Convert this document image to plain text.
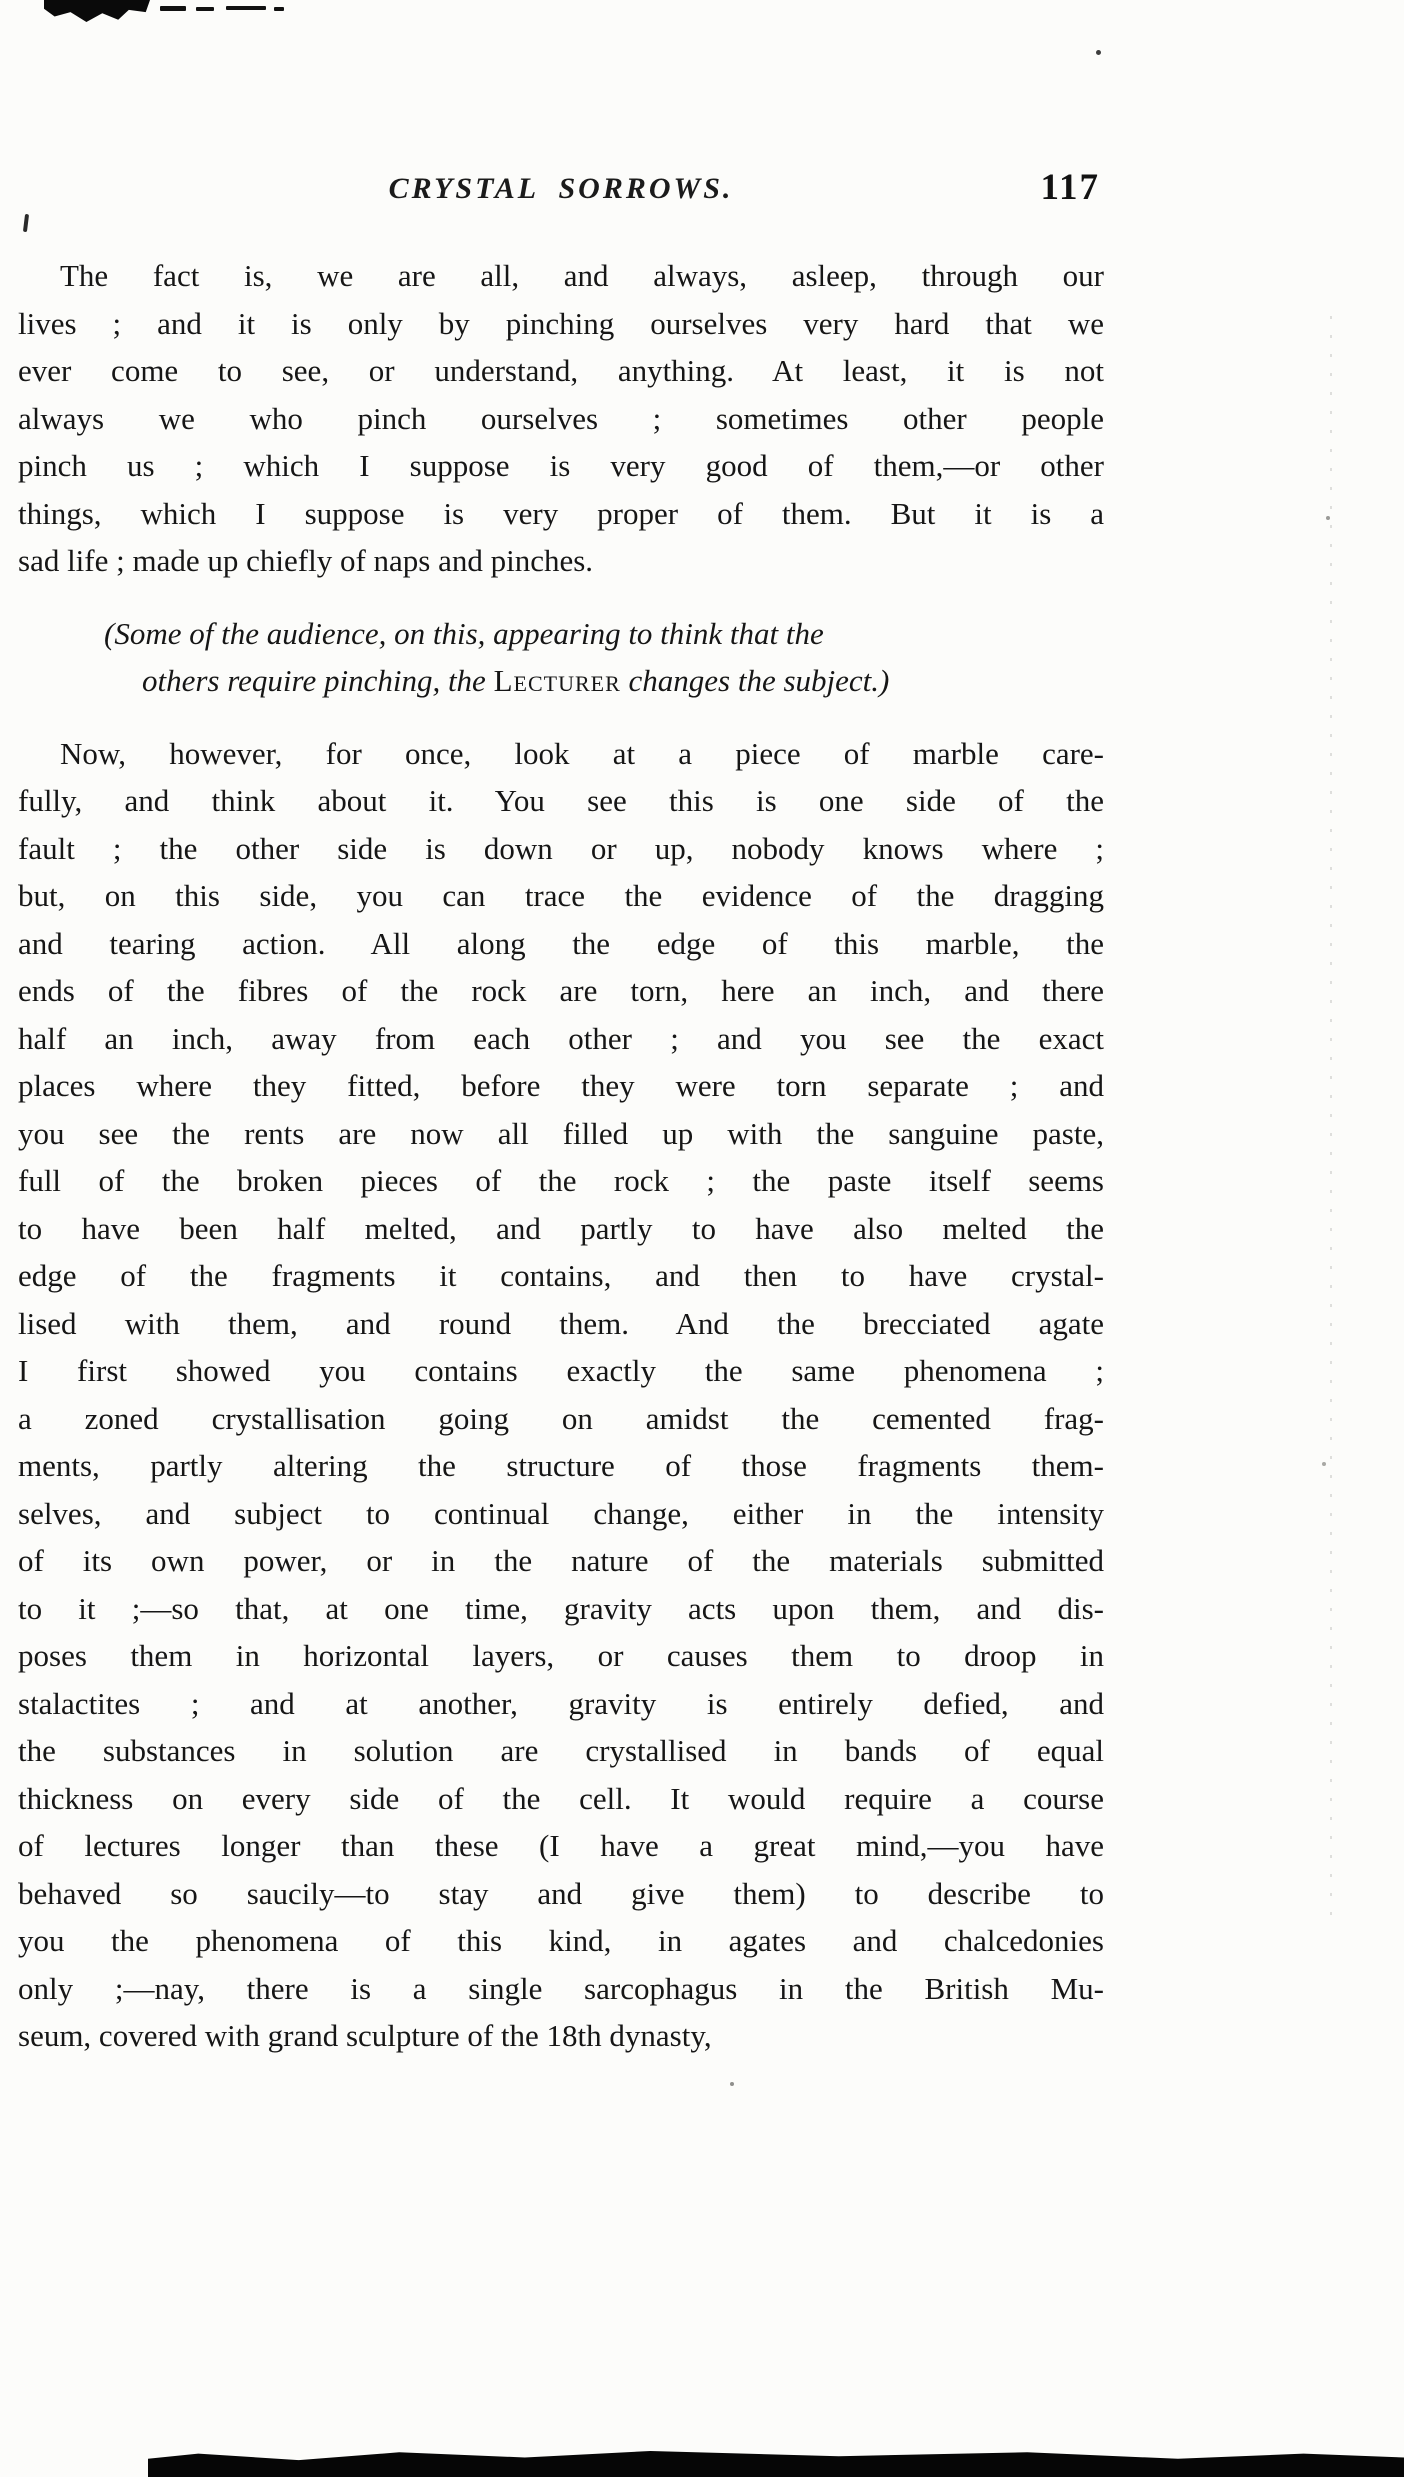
CRYSTAL SORROWS.	117
The fact is, we are all, and always, asleep, through our
lives ; and it is only by pinching ourselves very hard that we
ever come to see, or understand, anything. At least, it is not
always we who pinch ourselves ; sometimes other people
pinch us ; which I suppose is very good of them,—or other
things, which I suppose is very proper of them. But it is a
sad life ; made up chiefly of naps and pinches.
(Some of the audience, on this, appearing to think that the
others require pinching, the Lecturer changes the subject.)
Now, however, for once, look at a piece of marble care-
fully, and think about it. You see this is one side of the
fault ; the other side is down or up, nobody knows where ;
but, on this side, you can trace the evidence of the dragging
and tearing action. All along the edge of this marble, the
ends of the fibres of the rock are torn, here an inch, and there
half an inch, away from each other ; and you see the exact
places where they fitted, before they were torn separate ; and
you see the rents are now all filled up with the sanguine paste,
full of the broken pieces of the rock ; the paste itself seems
to have been half melted, and partly to have also melted the
edge of the fragments it contains, and then to have crystal-
lised with them, and round them. And the brecciated agate
I first showed you contains exactly the same phenomena ;
a zoned crystallisation going on amidst the cemented frag-
ments, partly altering the structure of those fragments them-
selves, and subject to continual change, either in the intensity
of its own power, or in the nature of the materials submitted
to it ;—so that, at one time, gravity acts upon them, and dis-
poses them in horizontal layers, or causes them to droop in
stalactites ; and at another, gravity is entirely defied, and
the substances in solution are crystallised in bands of equal
thickness on every side of the cell. It would require a course
of lectures longer than these (I have a great mind,—you have
behaved so saucily—to stay and give them) to describe to
you the phenomena of this kind, in agates and chalcedonies
only ;—nay, there is a single sarcophagus in the British Mu-
seum, covered with grand sculpture of the 18th dynasty,
